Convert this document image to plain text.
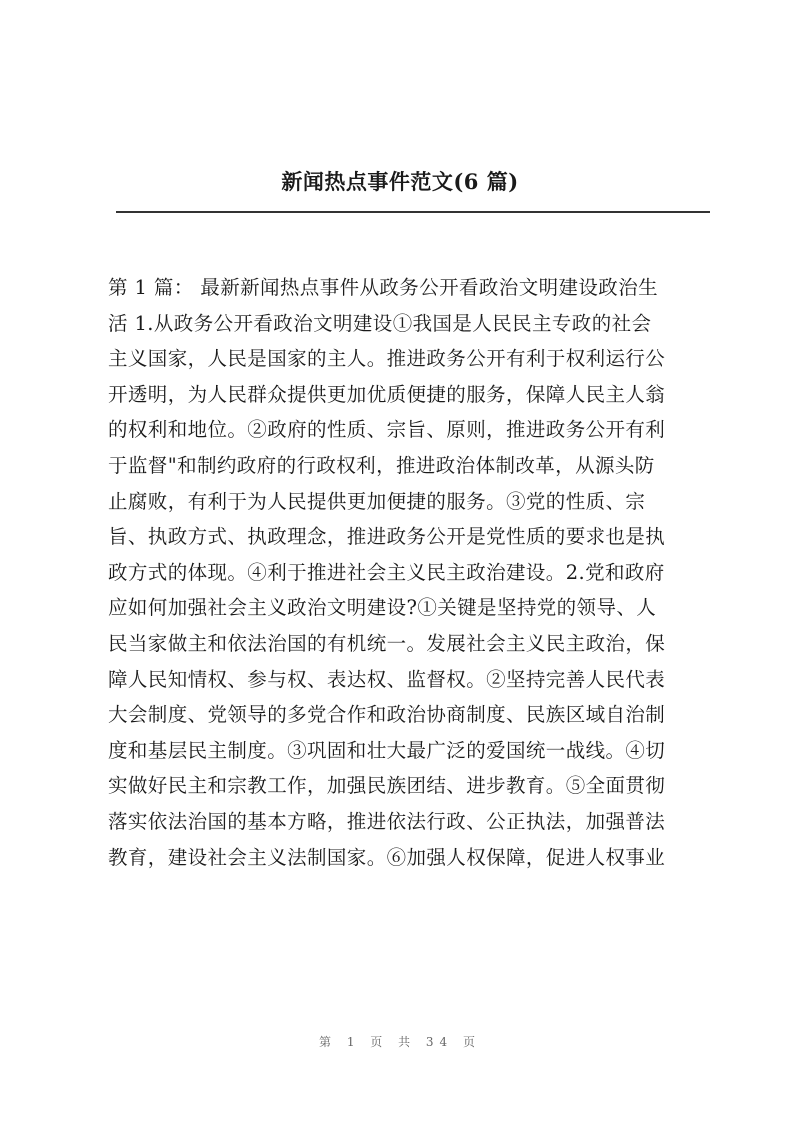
新闻热点事件范文(6 篇)
第 1 篇： 最新新闻热点事件从政务公开看政治文明建设政治生
活 1.从政务公开看政治文明建设①我国是人民民主专政的社会
主义国家，人民是国家的主人。推进政务公开有利于权利运行公
开透明，为人民群众提供更加优质便捷的服务，保障人民主人翁
的权利和地位。②政府的性质、宗旨、原则，推进政务公开有利
于监督"和制约政府的行政权利，推进政治体制改革，从源头防
止腐败，有利于为人民提供更加便捷的服务。③党的性质、宗
旨、执政方式、执政理念，推进政务公开是党性质的要求也是执
政方式的体现。④利于推进社会主义民主政治建设。2.党和政府
应如何加强社会主义政治文明建设?①关键是坚持党的领导、人
民当家做主和依法治国的有机统一。发展社会主义民主政治，保
障人民知情权、参与权、表达权、监督权。②坚持完善人民代表
大会制度、党领导的多党合作和政治协商制度、民族区域自治制
度和基层民主制度。③巩固和壮大最广泛的爱国统一战线。④切
实做好民主和宗教工作，加强民族团结、进步教育。⑤全面贯彻
落实依法治国的基本方略，推进依法行政、公正执法，加强普法
教育，建设社会主义法制国家。⑥加强人权保障，促进人权事业
第 1 页 共 34 页
